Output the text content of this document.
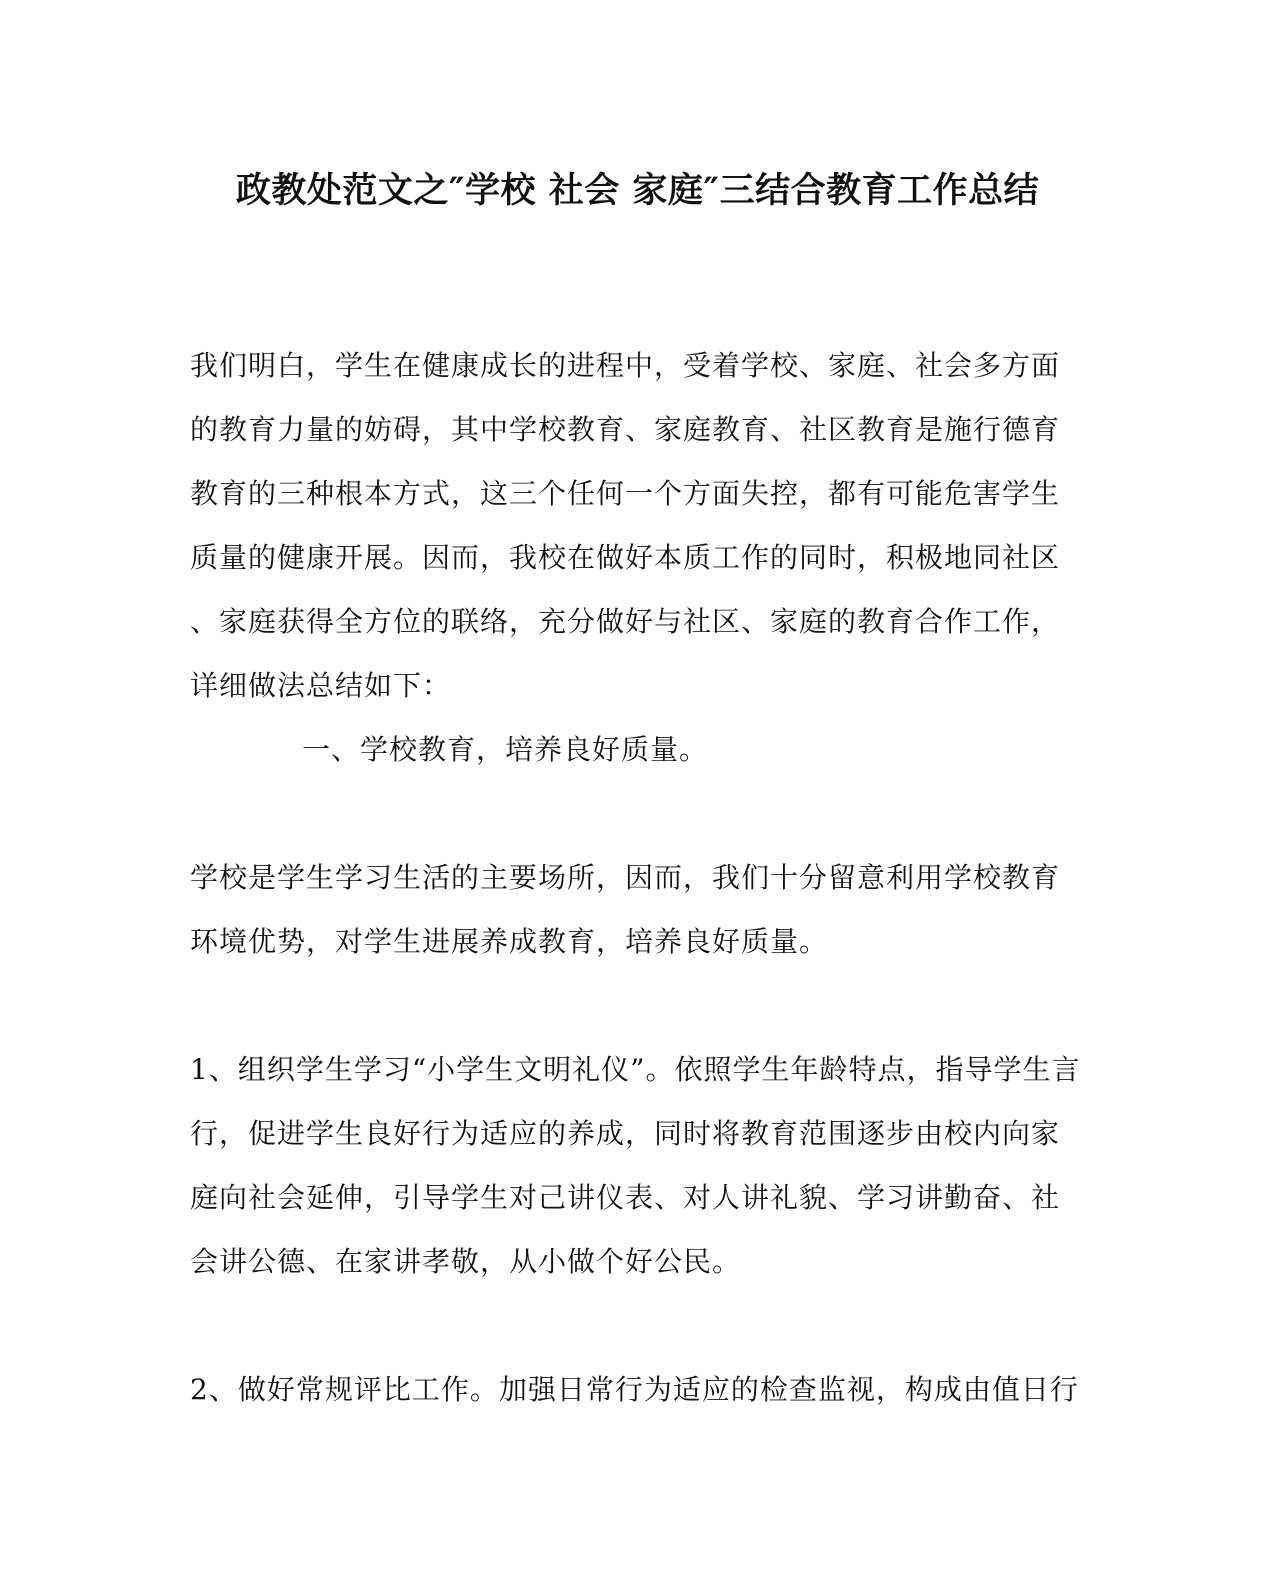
政教处范文之″学校 社会 家庭″三结合教育工作总结
我们明白，学生在健康成长的进程中，受着学校、家庭、社会多方面
的教育力量的妨碍，其中学校教育、家庭教育、社区教育是施行德育
教育的三种根本方式，这三个任何一个方面失控，都有可能危害学生
质量的健康开展。因而，我校在做好本质工作的同时，积极地同社区
、家庭获得全方位的联络，充分做好与社区、家庭的教育合作工作，
详细做法总结如下：
一、学校教育，培养良好质量。
学校是学生学习生活的主要场所，因而，我们十分留意利用学校教育
环境优势，对学生进展养成教育，培养良好质量。
1、组织学生学习“小学生文明礼仪”。依照学生年龄特点，指导学生言
行，促进学生良好行为适应的养成，同时将教育范围逐步由校内向家
庭向社会延伸，引导学生对己讲仪表、对人讲礼貌、学习讲勤奋、社
会讲公德、在家讲孝敬，从小做个好公民。
2、做好常规评比工作。加强日常行为适应的检查监视，构成由值日行
